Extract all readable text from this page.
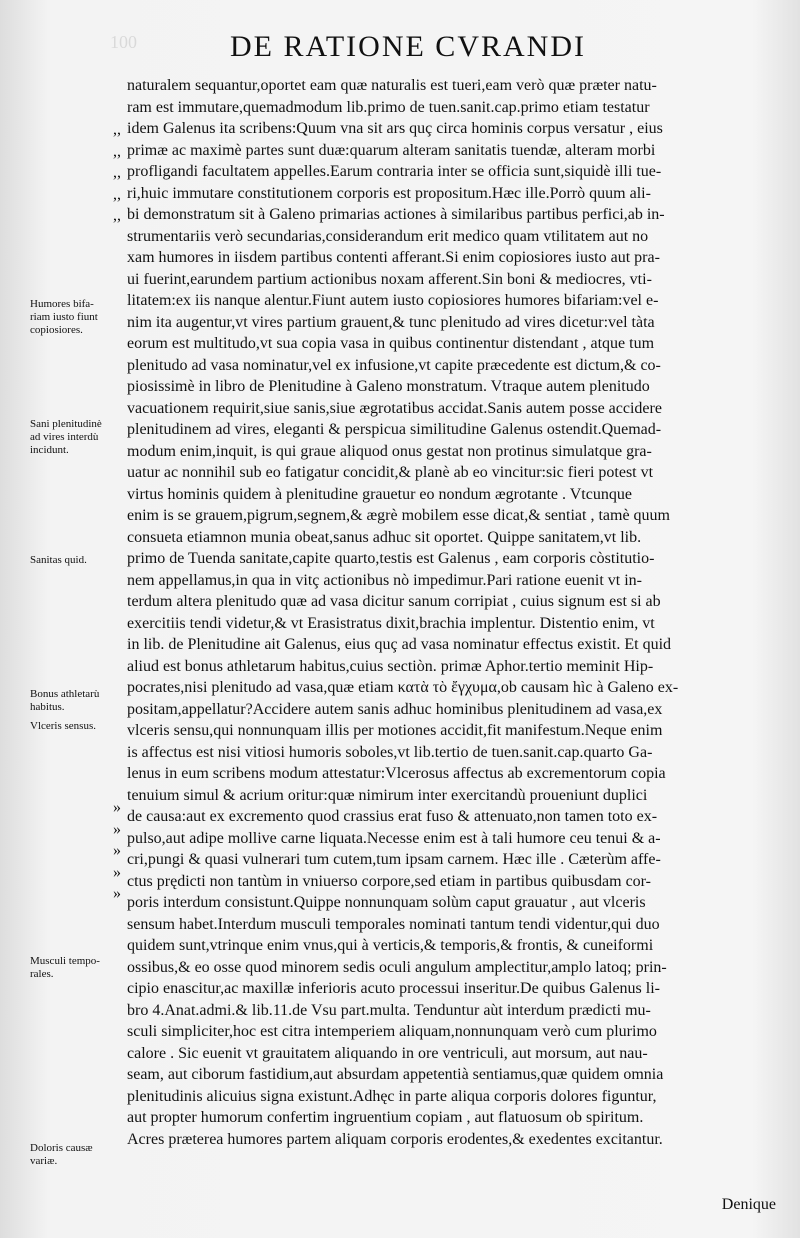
100	DE RATIONE CVRANDI
,,
,,
,,
,,
,,
»
»
»
»
»
naturalem sequantur,oportet eam quæ naturalis est tueri,eam verò quæ præter natu-
ram est immutare,quemadmodum lib.primo de tuen.sanit.cap.primo etiam testatur
idem Galenus ita scribens:Quum vna sit ars quç circa hominis corpus versatur , eius
primæ ac maximè partes sunt duæ:quarum alteram sanitatis tuendæ, alteram morbi
profligandi facultatem appelles.Earum contraria inter se officia sunt,siquidè illi tue-
ri,huic immutare constitutionem corporis est propositum.Hæc ille.Porrò quum ali-
bi demonstratum sit à Galeno primarias actiones à similaribus partibus perfici,ab in-
strumentariis verò secundarias,considerandum erit medico quam vtilitatem aut no
xam humores in iisdem partibus contenti afferant.Si enim copiosiores iusto aut pra-
ui fuerint,earundem partium actionibus noxam afferent.Sin boni & mediocres, vti-
litatem:ex iis nanque alentur.Fiunt autem iusto copiosiores humores bifariam:vel e-
nim ita augentur,vt vires partium grauent,& tunc plenitudo ad vires dicetur:vel tàta
eorum est multitudo,vt sua copia vasa in quibus continentur distendant , atque tum
plenitudo ad vasa nominatur,vel ex infusione,vt capite præcedente est dictum,& co-
piosissimè in libro de Plenitudine à Galeno monstratum. Vtraque autem plenitudo
vacuationem requirit,siue sanis,siue ægrotatibus accidat.Sanis autem posse accidere
plenitudinem ad vires, eleganti & perspicua similitudine Galenus ostendit.Quemad-
modum enim,inquit, is qui graue aliquod onus gestat non protinus simulatque gra-
uatur ac nonnihil sub eo fatigatur concidit,& planè ab eo vincitur:sic fieri potest vt
virtus hominis quidem à plenitudine grauetur eo nondum ægrotante . Vtcunque
enim is se grauem,pigrum,segnem,& ægrè mobilem esse dicat,& sentiat , tamè quum
consueta etiamnon munia obeat,sanus adhuc sit oportet. Quippe sanitatem,vt lib.
primo de Tuenda sanitate,capite quarto,testis est Galenus , eam corporis còstitutio-
nem appellamus,in qua in vitç actionibus nò impedimur.Pari ratione euenit vt in-
terdum altera plenitudo quæ ad vasa dicitur sanum corripiat , cuius signum est si ab
exercitiis tendi videtur,& vt Erasistratus dixit,brachia implentur. Distentio enim, vt
in lib. de Plenitudine ait Galenus, eius quç ad vasa nominatur effectus existit. Et quid
aliud est bonus athletarum habitus,cuius sectiòn. primæ Aphor.tertio meminit Hip-
pocrates,nisi plenitudo ad vasa,quæ etiam κατὰ τὸ ἔγχυμα,ob causam hìc à Galeno ex-
positam,appellatur?Accidere autem sanis adhuc hominibus plenitudinem ad vasa,ex
vlceris sensu,qui nonnunquam illis per motiones accidit,fit manifestum.Neque enim
is affectus est nisi vitiosi humoris soboles,vt lib.tertio de tuen.sanit.cap.quarto Ga-
lenus in eum scribens modum attestatur:Vlcerosus affectus ab excrementorum copia
tenuium simul & acrium oritur:quæ nimirum inter exercitandù proueniunt duplici
de causa:aut ex excremento quod crassius erat fuso & attenuato,non tamen toto ex-
pulso,aut adipe mollive carne liquata.Necesse enim est à tali humore ceu tenui & a-
cri,pungi & quasi vulnerari tum cutem,tum ipsam carnem. Hæc ille . Cæterùm affe-
ctus prędicti non tantùm in vniuerso corpore,sed etiam in partibus quibusdam cor-
poris interdum consistunt.Quippe nonnunquam solùm caput grauatur , aut vlceris
sensum habet.Interdum musculi temporales nominati tantum tendi videntur,qui duo
quidem sunt,vtrinque enim vnus,qui à verticis,& temporis,& frontis, & cuneiformi
ossibus,& eo osse quod minorem sedis oculi angulum amplectitur,amplo latoq; prin-
cipio enascitur,ac maxillæ inferioris acuto processui inseritur.De quibus Galenus li-
bro 4.Anat.admi.& lib.11.de Vsu part.multa. Tenduntur aùt interdum prædicti mu-
sculi simpliciter,hoc est citra intemperiem aliquam,nonnunquam verò cum plurimo
calore . Sic euenit vt grauitatem aliquando in ore ventriculi, aut morsum, aut nau-
seam, aut ciborum fastidium,aut absurdam appetentià sentiamus,quæ quidem omnia
plenitudinis alicuius signa existunt.Adhęc in parte aliqua corporis dolores figuntur,
aut propter humorum confertim ingruentium copiam , aut flatuosum ob spiritum.
Acres præterea humores partem aliquam corporis erodentes,& exedentes excitantur.
Humores bifa-
riam iusto fiunt
copiosiores.
Sani plenitudinè
ad vires interdù
incidunt.
Sanitas quid.
Bonus athletarù
habitus.
Vlceris sensus.
Musculi tempo-
rales.
Doloris causæ
variæ.
Denique
